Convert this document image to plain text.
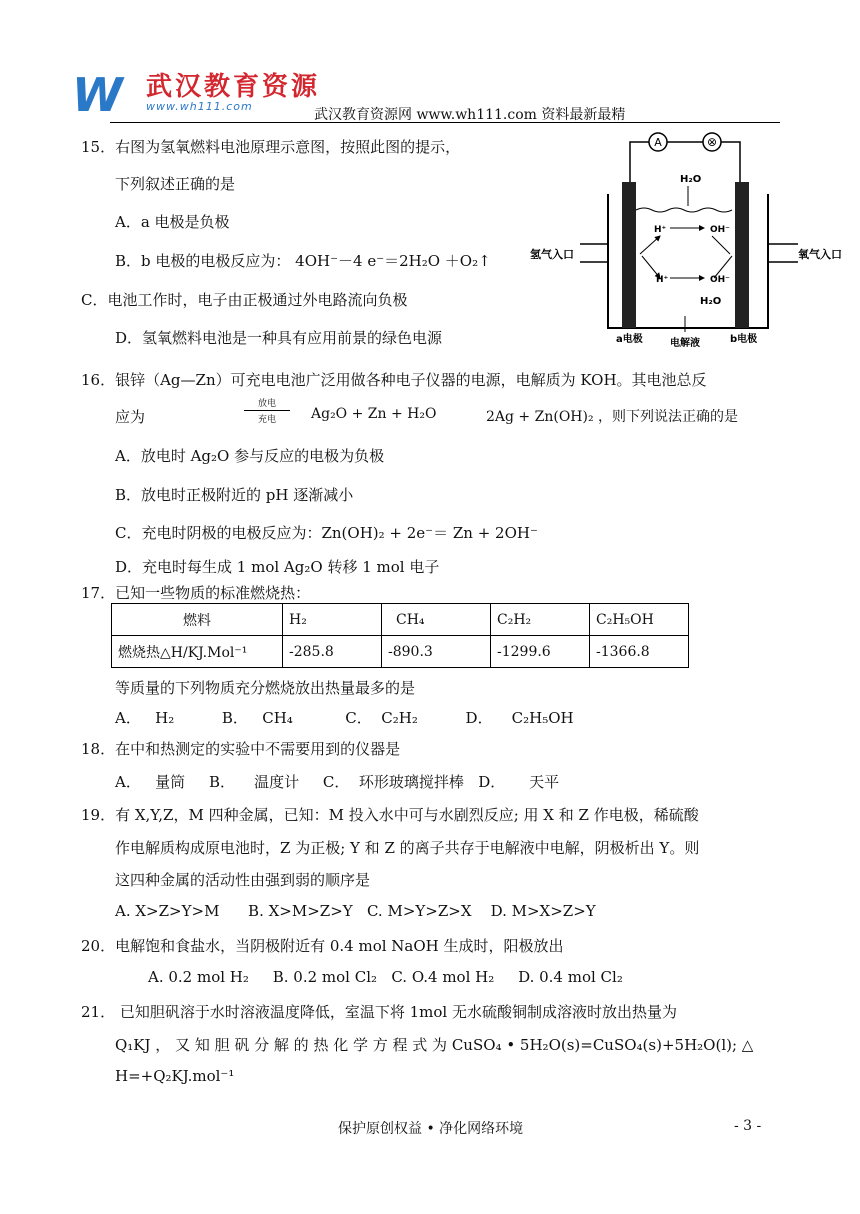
W 武汉教育资源
www.wh111.com
武汉教育资源网 www.wh111.com 资料最新最精
15．右图为氢氧燃料电池原理示意图，按照此图的提示，
下列叙述正确的是
A．a 电极是负极
B．b 电极的电极反应为： 4OH⁻－4 e⁻＝2H₂O ＋O₂↑
C．电池工作时，电子由正极通过外电路流向负极
D．氢氧燃料电池是一种具有应用前景的绿色电源
A	⊗
氢气入口	氧气入口
H₂O
H⁺	OH⁻
H⁺	OH⁻
H₂O
a电极	电解液	b电极
16．银锌（Ag—Zn）可充电电池广泛用做各种电子仪器的电源，电解质为 KOH。其电池总反
应为
放电
充电	Ag₂O + Zn + H₂O	2Ag + Zn(OH)₂ ，则下列说法正确的是
A．放电时 Ag₂O 参与反应的电极为负极
B．放电时正极附近的 pH 逐渐减小
C．充电时阴极的电极反应为：Zn(OH)₂ + 2e⁻＝ Zn + 2OH⁻
D．充电时每生成 1 mol Ag₂O 转移 1 mol 电子
17．已知一些物质的标准燃烧热：
燃料	H₂	CH₄	C₂H₂	C₂H₅OH
燃烧热△H/KJ.Mol⁻¹	-285.8	-890.3	-1299.6	-1366.8
等质量的下列物质充分燃烧放出热量最多的是
A．   H₂          B．   CH₄           C．  C₂H₂          D．    C₂H₅OH
18．在中和热测定的实验中不需要用到的仪器是
A．   量筒     B．    温度计     C．  环形玻璃搅拌棒   D．     天平
19．有 X,Y,Z，M 四种金属，已知：M 投入水中可与水剧烈反应; 用 X 和 Z 作电极，稀硫酸
作电解质构成原电池时，Z 为正极; Y 和 Z 的离子共存于电解液中电解，阴极析出 Y。则
这四种金属的活动性由强到弱的顺序是
A. X>Z>Y>M      B. X>M>Z>Y   C. M>Y>Z>X    D. M>X>Z>Y
20．电解饱和食盐水，当阴极附近有 0.4 mol NaOH 生成时，阳极放出
A. 0.2 mol H₂     B. 0.2 mol Cl₂   C. O.4 mol H₂     D. 0.4 mol Cl₂
21． 已知胆矾溶于水时溶液温度降低，室温下将 1mol 无水硫酸铜制成溶液时放出热量为
Q₁KJ ， 又 知 胆 矾 分 解 的 热 化 学 方 程 式 为 CuSO₄ • 5H₂O(s)=CuSO₄(s)+5H₂O(l); △
H=+Q₂KJ.mol⁻¹
保护原创权益 • 净化网络环境	- 3 -
